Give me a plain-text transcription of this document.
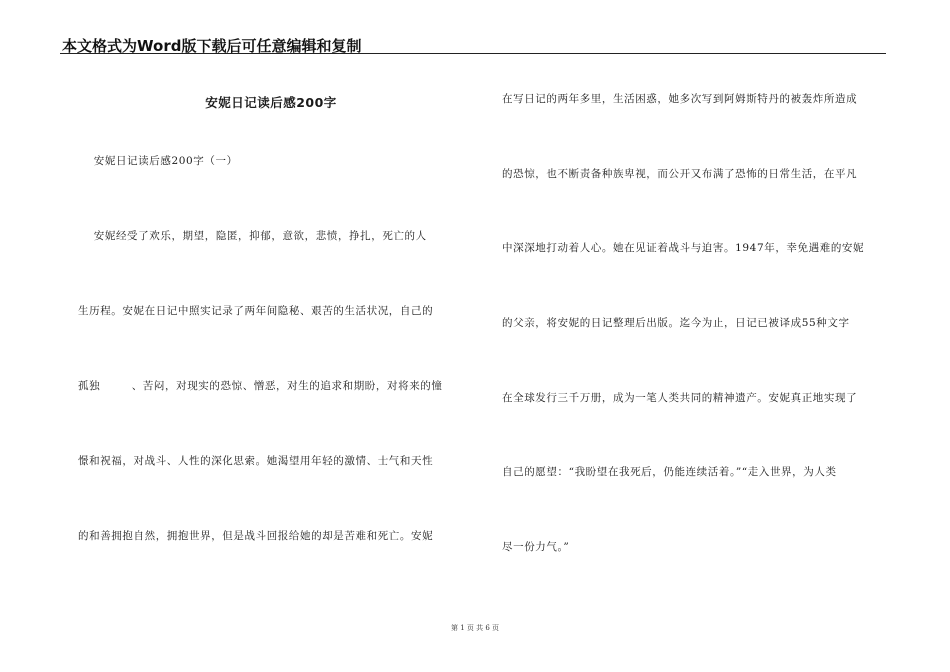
本文格式为Word版下载后可任意编辑和复制
安妮日记读后感200字
安妮日记读后感200字（一）
安妮经受了欢乐，期望，隐匿，抑郁，意欲，悲愤，挣扎，死亡的人
生历程。安妮在日记中照实记录了两年间隐秘、艰苦的生活状况，自己的
孤独        、苦闷，对现实的恐惊、憎恶，对生的追求和期盼，对将来的憧
憬和祝福，对战斗、人性的深化思索。她渴望用年轻的激情、士气和天性
的和善拥抱自然，拥抱世界，但是战斗回报给她的却是苦难和死亡。安妮
在写日记的两年多里，生活困惑，她多次写到阿姆斯特丹的被轰炸所造成
的恐惊，也不断责备种族卑视，而公开又布满了恐怖的日常生活，在平凡
中深深地打动着人心。她在见证着战斗与迫害。1947年，幸免遇难的安妮
的父亲，将安妮的日记整理后出版。迄今为止，日记已被译成55种文字
在全球发行三千万册，成为一笔人类共同的精神遗产。安妮真正地实现了
自己的愿望：“我盼望在我死后，仍能连续活着。”“走入世界，为人类
尽一份力气。”
第 1 页 共 6 页
